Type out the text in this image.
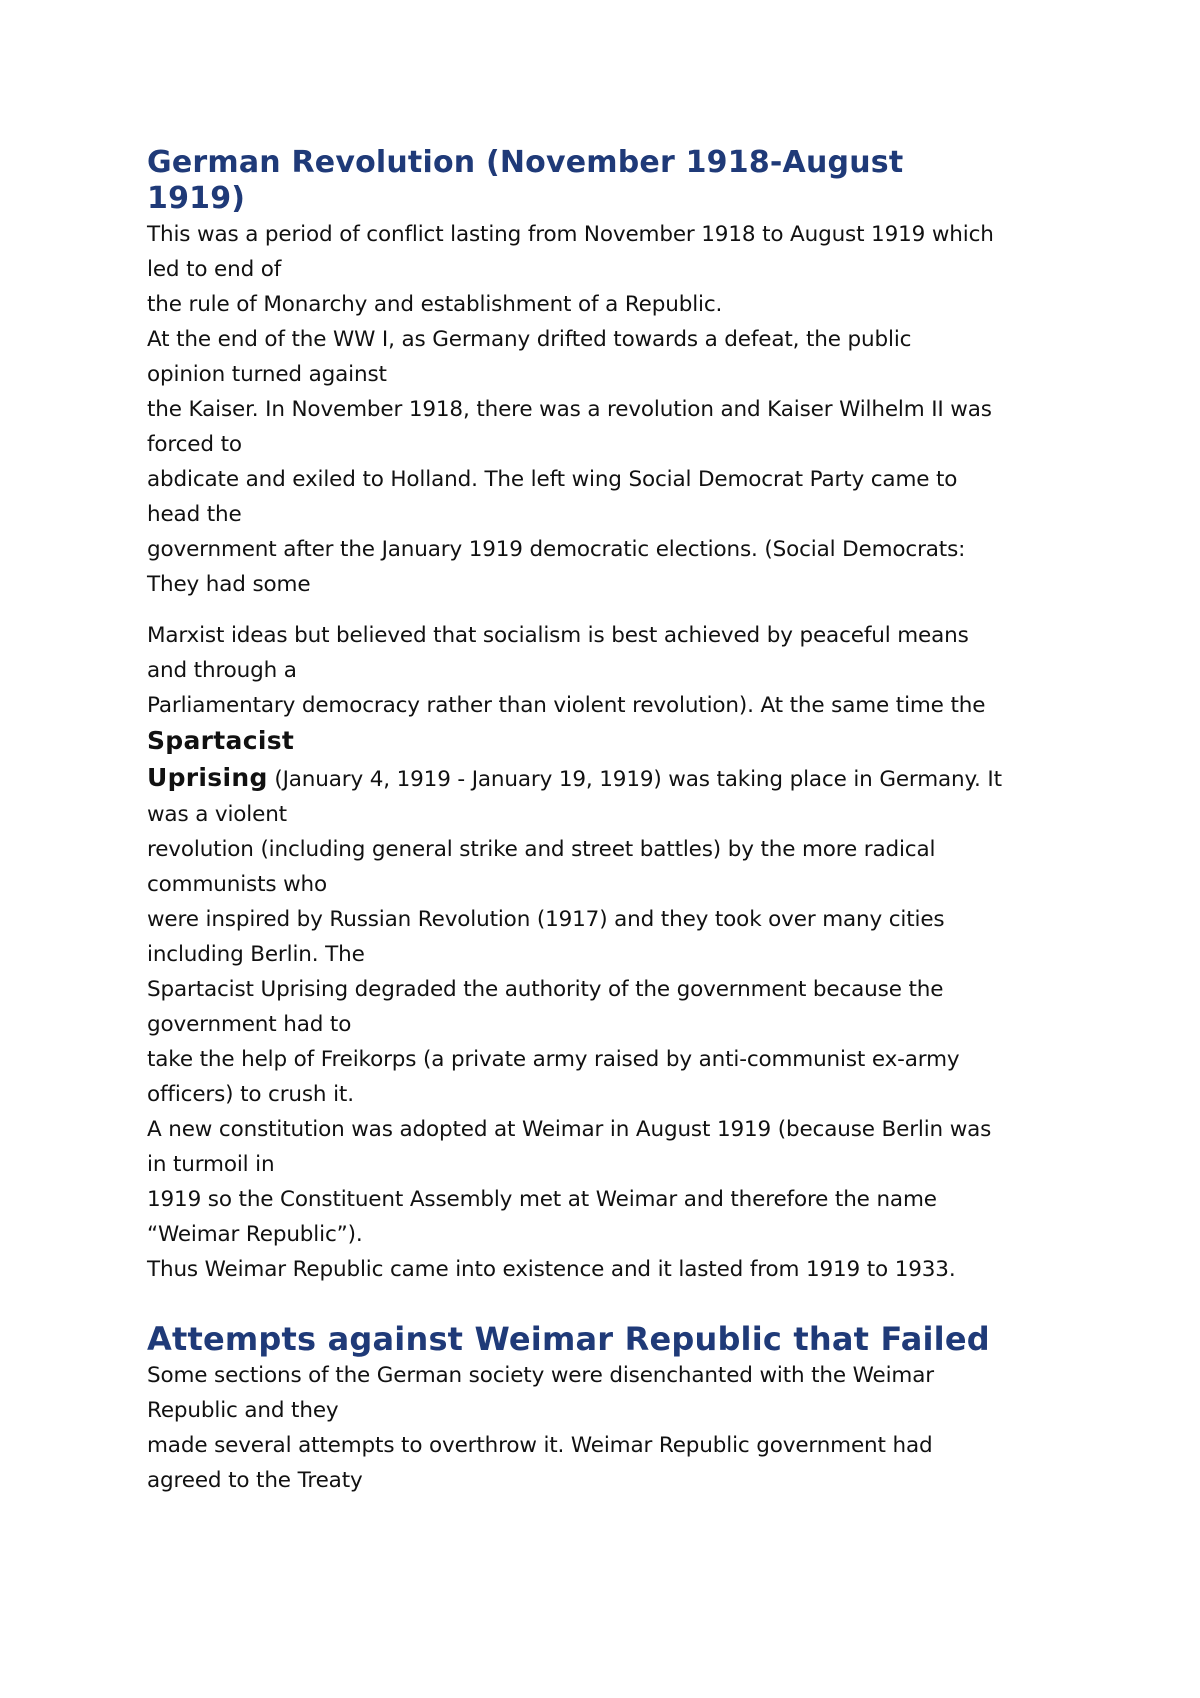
German Revolution (November 1918-August
1919)
This was a period of conflict lasting from November 1918 to August 1919 which
led to end of
the rule of Monarchy and establishment of a Republic.
At the end of the WW I, as Germany drifted towards a defeat, the public
opinion turned against
the Kaiser. In November 1918, there was a revolution and Kaiser Wilhelm II was
forced to
abdicate and exiled to Holland. The left wing Social Democrat Party came to
head the
government after the January 1919 democratic elections. (Social Democrats:
They had some
Marxist ideas but believed that socialism is best achieved by peaceful means
and through a
Parliamentary democracy rather than violent revolution). At the same time the
Spartacist
Uprising (January 4, 1919 - January 19, 1919) was taking place in Germany. It
was a violent
revolution (including general strike and street battles) by the more radical
communists who
were inspired by Russian Revolution (1917) and they took over many cities
including Berlin. The
Spartacist Uprising degraded the authority of the government because the
government had to
take the help of Freikorps (a private army raised by anti-communist ex-army
officers) to crush it.
A new constitution was adopted at Weimar in August 1919 (because Berlin was
in turmoil in
1919 so the Constituent Assembly met at Weimar and therefore the name
“Weimar Republic”).
Thus Weimar Republic came into existence and it lasted from 1919 to 1933.
Attempts against Weimar Republic that Failed
Some sections of the German society were disenchanted with the Weimar
Republic and they
made several attempts to overthrow it. Weimar Republic government had
agreed to the Treaty
